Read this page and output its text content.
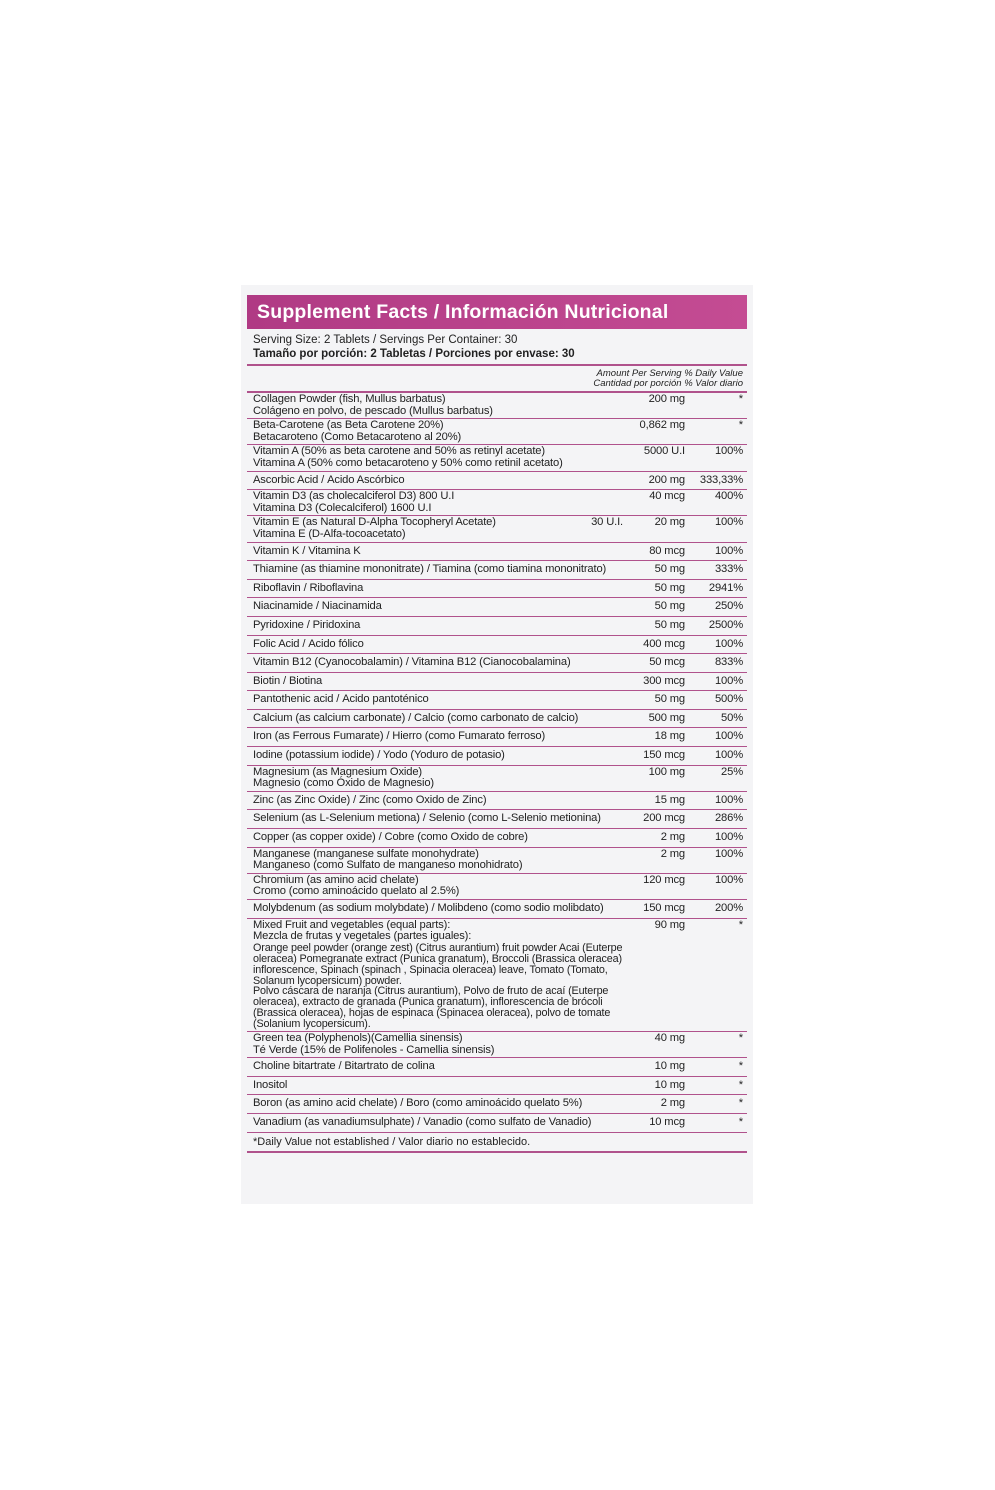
Supplement Facts / Información Nutricional
Serving Size: 2 Tablets / Servings Per Container: 30
Tamaño por porción: 2 Tabletas / Porciones por envase: 30
Amount Per Serving % Daily Value
Cantidad por porción % Valor diario
Collagen Powder (fish, Mullus barbatus)
Colágeno en polvo, de pescado (Mullus barbatus)
200 mg	*
Beta-Carotene (as Beta Carotene 20%)
Betacaroteno (Como Betacaroteno al 20%)
0,862 mg	*
Vitamin A (50% as beta carotene and 50% as retinyl acetate)
Vitamina A (50% como betacaroteno y 50% como retinil acetato)
5000 U.I	100%
Ascorbic Acid / Ácido Ascórbico	200 mg	333,33%
Vitamin D3 (as cholecalciferol D3) 800 U.I
Vitamina D3 (Colecalciferol) 1600 U.I
40 mcg	400%
Vitamin E (as Natural D-Alpha Tocopheryl Acetate)
Vitamina E (D-Alfa-tocoacetato)
30 U.I.	20 mg	100%
Vitamin K / Vitamina K	80 mcg	100%
Thiamine (as thiamine mononitrate) / Tiamina (como tiamina mononitrato)	50 mg	333%
Riboflavin / Riboflavina	50 mg	2941%
Niacinamide / Niacinamida	50 mg	250%
Pyridoxine / Piridoxina	50 mg	2500%
Folic Acid / Ácido fólico	400 mcg	100%
Vitamin B12 (Cyanocobalamin) / Vitamina B12 (Cianocobalamina)	50 mcg	833%
Biotin / Biotina	300 mcg	100%
Pantothenic acid / Ácido pantoténico	50 mg	500%
Calcium (as calcium carbonate) / Calcio (como carbonato de calcio)	500 mg	50%
Iron (as Ferrous Fumarate) / Hierro (como Fumarato ferroso)	18 mg	100%
Iodine (potassium iodide) / Yodo (Yoduro de potasio)	150 mcg	100%
Magnesium (as Magnesium Oxide)
Magnesio (como Óxido de Magnesio)
100 mg	25%
Zinc (as Zinc Oxide) / Zinc (como Óxido de Zinc)	15 mg	100%
Selenium (as L-Selenium metiona) / Selenio (como L-Selenio metionina)	200 mcg	286%
Copper (as copper oxide) / Cobre (como Óxido de cobre)	2 mg	100%
Manganese (manganese sulfate monohydrate)
Manganeso (como Sulfato de manganeso monohidrato)
2 mg	100%
Chromium (as amino acid chelate)
Cromo (como aminoácido quelato al 2.5%)
120 mcg	100%
Molybdenum (as sodium molybdate) / Molibdeno (como sodio molibdato)	150 mcg	200%
Mixed Fruit and vegetables (equal parts):
Mezcla de frutas y vegetales (partes iguales):
Orange peel powder (orange zest) (Citrus aurantium) fruit powder Acai (Euterpe oleracea) Pomegranate extract (Punica granatum), Broccoli (Brassica oleracea) inflorescence, Spinach (spinach , Spinacia oleracea) leave, Tomato (Tomato, Solanum lycopersicum) powder.
Polvo cáscara de naranja (Citrus aurantium), Polvo de fruto de acaí (Euterpe oleracea), extracto de granada (Punica granatum), inflorescencia de brócoli (Brassica oleracea), hojas de espinaca (Spinacea oleracea), polvo de tomate (Solanium lycopersicum).
90 mg	*
Green tea (Polyphenols)(Camellia sinensis)
Té Verde (15% de Polifenoles - Camellia sinensis)
40 mg	*
Choline bitartrate / Bitartrato de colina	10 mg	*
Inositol	10 mg	*
Boron (as amino acid chelate) / Boro (como aminoácido quelato 5%)	2 mg	*
Vanadium (as vanadiumsulphate) / Vanadio (como sulfato de Vanadio)	10 mcg	*
*Daily Value not established / Valor diario no establecido.
